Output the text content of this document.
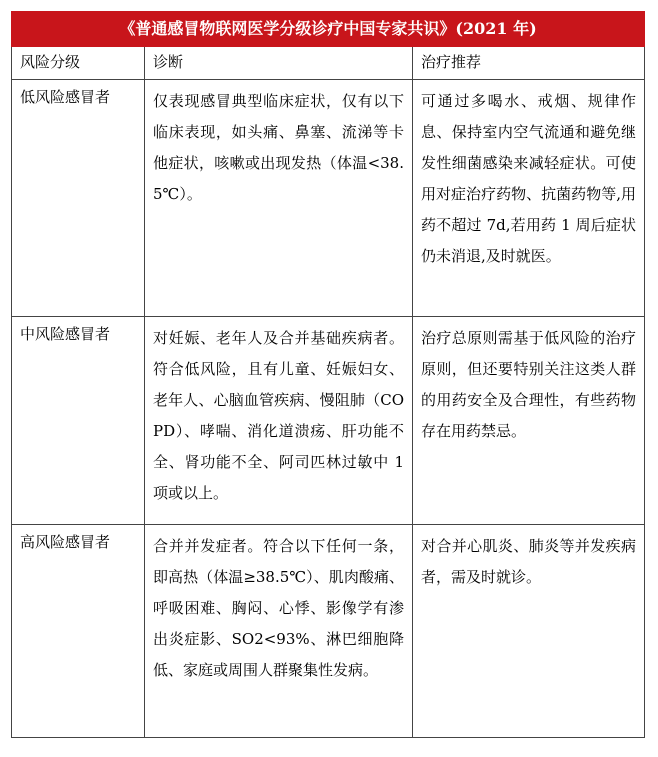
《普通感冒物联网医学分级诊疗中国专家共识》(2021 年)		
风险分级	诊断	治疗推荐
低风险感冒者	仅表现感冒典型临床症状，仅有以下临床表现，如头痛、鼻塞、流涕等卡他症状，咳嗽或出现发热（体温<38.5℃）。	可通过多喝水、戒烟、规律作息、保持室内空气流通和避免继发性细菌感染来减轻症状。可使用对症治疗药物、抗菌药物等,用药不超过 7d,若用药 1 周后症状仍未消退,及时就医。
中风险感冒者	对妊娠、老年人及合并基础疾病者。符合低风险，且有儿童、妊娠妇女、老年人、心脑血管疾病、慢阻肺（COPD）、哮喘、消化道溃疡、肝功能不全、肾功能不全、阿司匹林过敏中 1 项或以上。	治疗总原则需基于低风险的治疗原则，但还要特别关注这类人群的用药安全及合理性，有些药物存在用药禁忌。
高风险感冒者	合并并发症者。符合以下任何一条，即高热（体温≥38.5℃）、肌肉酸痛、呼吸困难、胸闷、心悸、影像学有渗出炎症影、SO2<93%、淋巴细胞降低、家庭或周围人群聚集性发病。	对合并心肌炎、肺炎等并发疾病者，需及时就诊。
